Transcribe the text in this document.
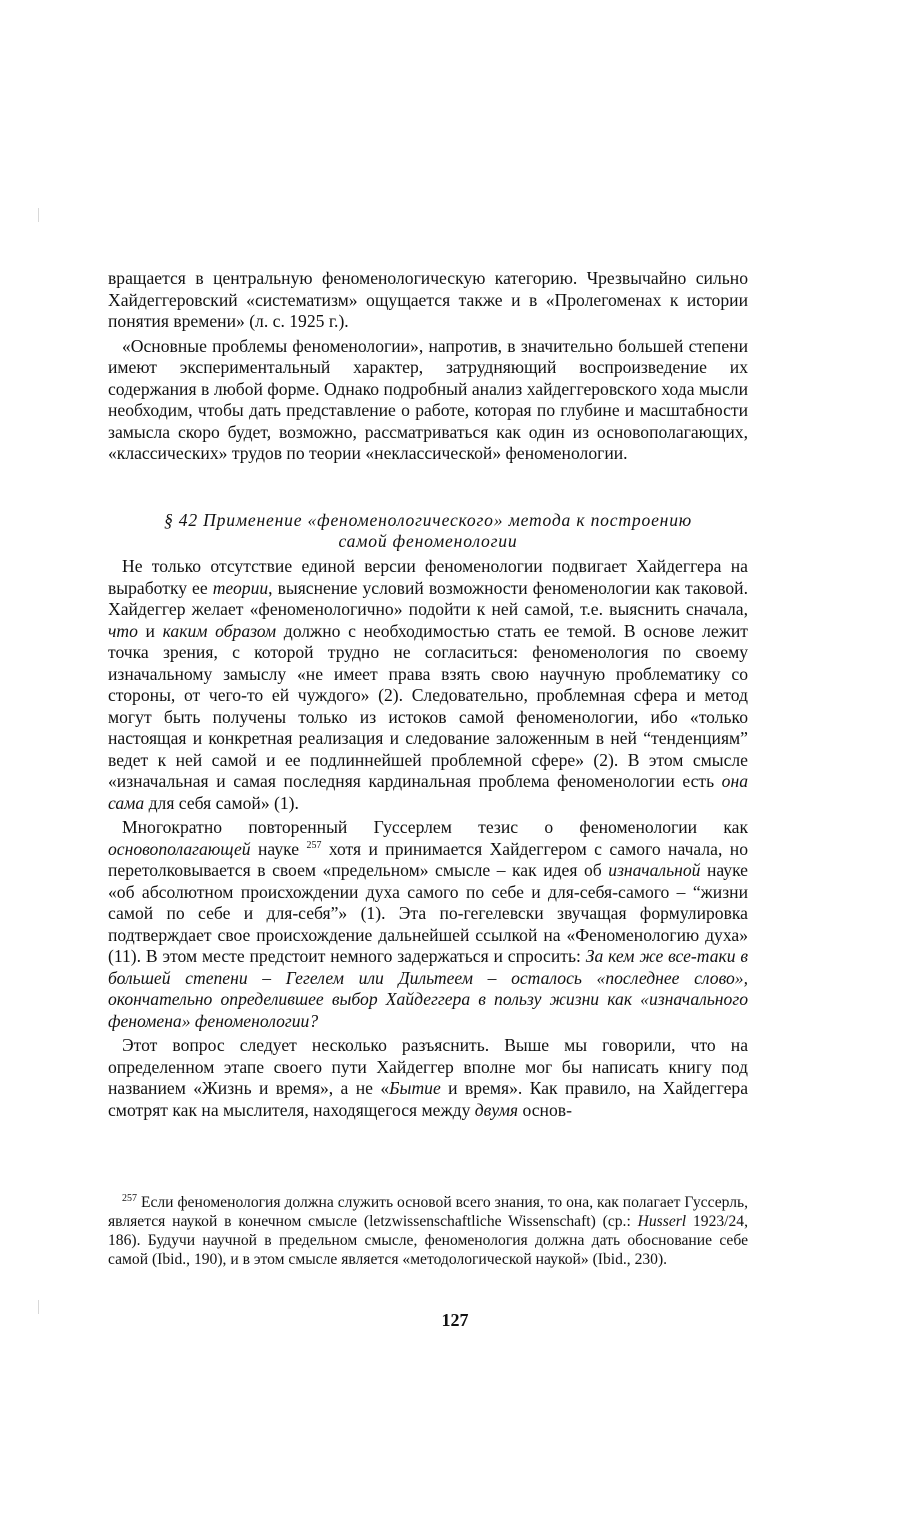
вращается в центральную феноменологическую категорию. Чрезвычайно сильно Хайдеггеровский «систематизм» ощущается также и в «Пролегоменах к истории понятия времени» (л. с. 1925 г.).

«Основные проблемы феноменологии», напротив, в значительно большей степени имеют экспериментальный характер, затрудняющий воспроизведение их содержания в любой форме. Однако подробный анализ хайдеггеровского хода мысли необходим, чтобы дать представление о работе, которая по глубине и масштабности замысла скоро будет, возможно, рассматриваться как один из основополагающих, «классических» трудов по теории «неклассической» феноменологии.

§ 42 Применение «феноменологического» метода к построению
самой феноменологии

Не только отсутствие единой версии феноменологии подвигает Хайдеггера на выработку ее теории, выяснение условий возможности феноменологии как таковой. Хайдеггер желает «феноменологично» подойти к ней самой, т.е. выяснить сначала, что и каким образом должно с необходимостью стать ее темой. В основе лежит точка зрения, с которой трудно не согласиться: феноменология по своему изначальному замыслу «не имеет права взять свою научную проблематику со стороны, от чего-то ей чуждого» (2). Следовательно, проблемная сфера и метод могут быть получены только из истоков самой феноменологии, ибо «только настоящая и конкретная реализация и следование заложенным в ней “тенденциям” ведет к ней самой и ее подлиннейшей проблемной сфере» (2). В этом смысле «изначальная и самая последняя кардинальная проблема феноменологии есть она сама для себя самой» (1).

Многократно повторенный Гуссерлем тезис о феноменологии как основополагающей науке $^{257}$ хотя и принимается Хайдеггером с самого начала, но перетолковывается в своем «предельном» смысле – как идея об изначальной науке «об абсолютном происхождении духа самого по себе и для-себя-самого – “жизни самой по себе и для-себя”» (1). Эта по-гегелевски звучащая формулировка подтверждает свое происхождение дальнейшей ссылкой на «Феноменологию духа» (11). В этом месте предстоит немного задержаться и спросить: За кем же все-таки в большей степени – Гегелем или Дильтеем – осталось «последнее слово», окончательно определившее выбор Хайдеггера в пользу жизни как «изначального феномена» феноменологии?

Этот вопрос следует несколько разъяснить. Выше мы говорили, что на определенном этапе своего пути Хайдеггер вполне мог бы написать книгу под названием «Жизнь и время», а не «Бытие и время». Как правило, на Хайдеггера смотрят как на мыслителя, находящегося между двумя основ-

$^{257}$ Если феноменология должна служить основой всего знания, то она, как полагает Гуссерль, является наукой в конечном смысле (letzwissenschaftliche Wissenschaft) (ср.: Husserl 1923/24, 186). Будучи научной в предельном смысле, феноменология должна дать обоснование себе самой (Ibid., 190), и в этом смысле является «методологической наукой» (Ibid., 230).

127
